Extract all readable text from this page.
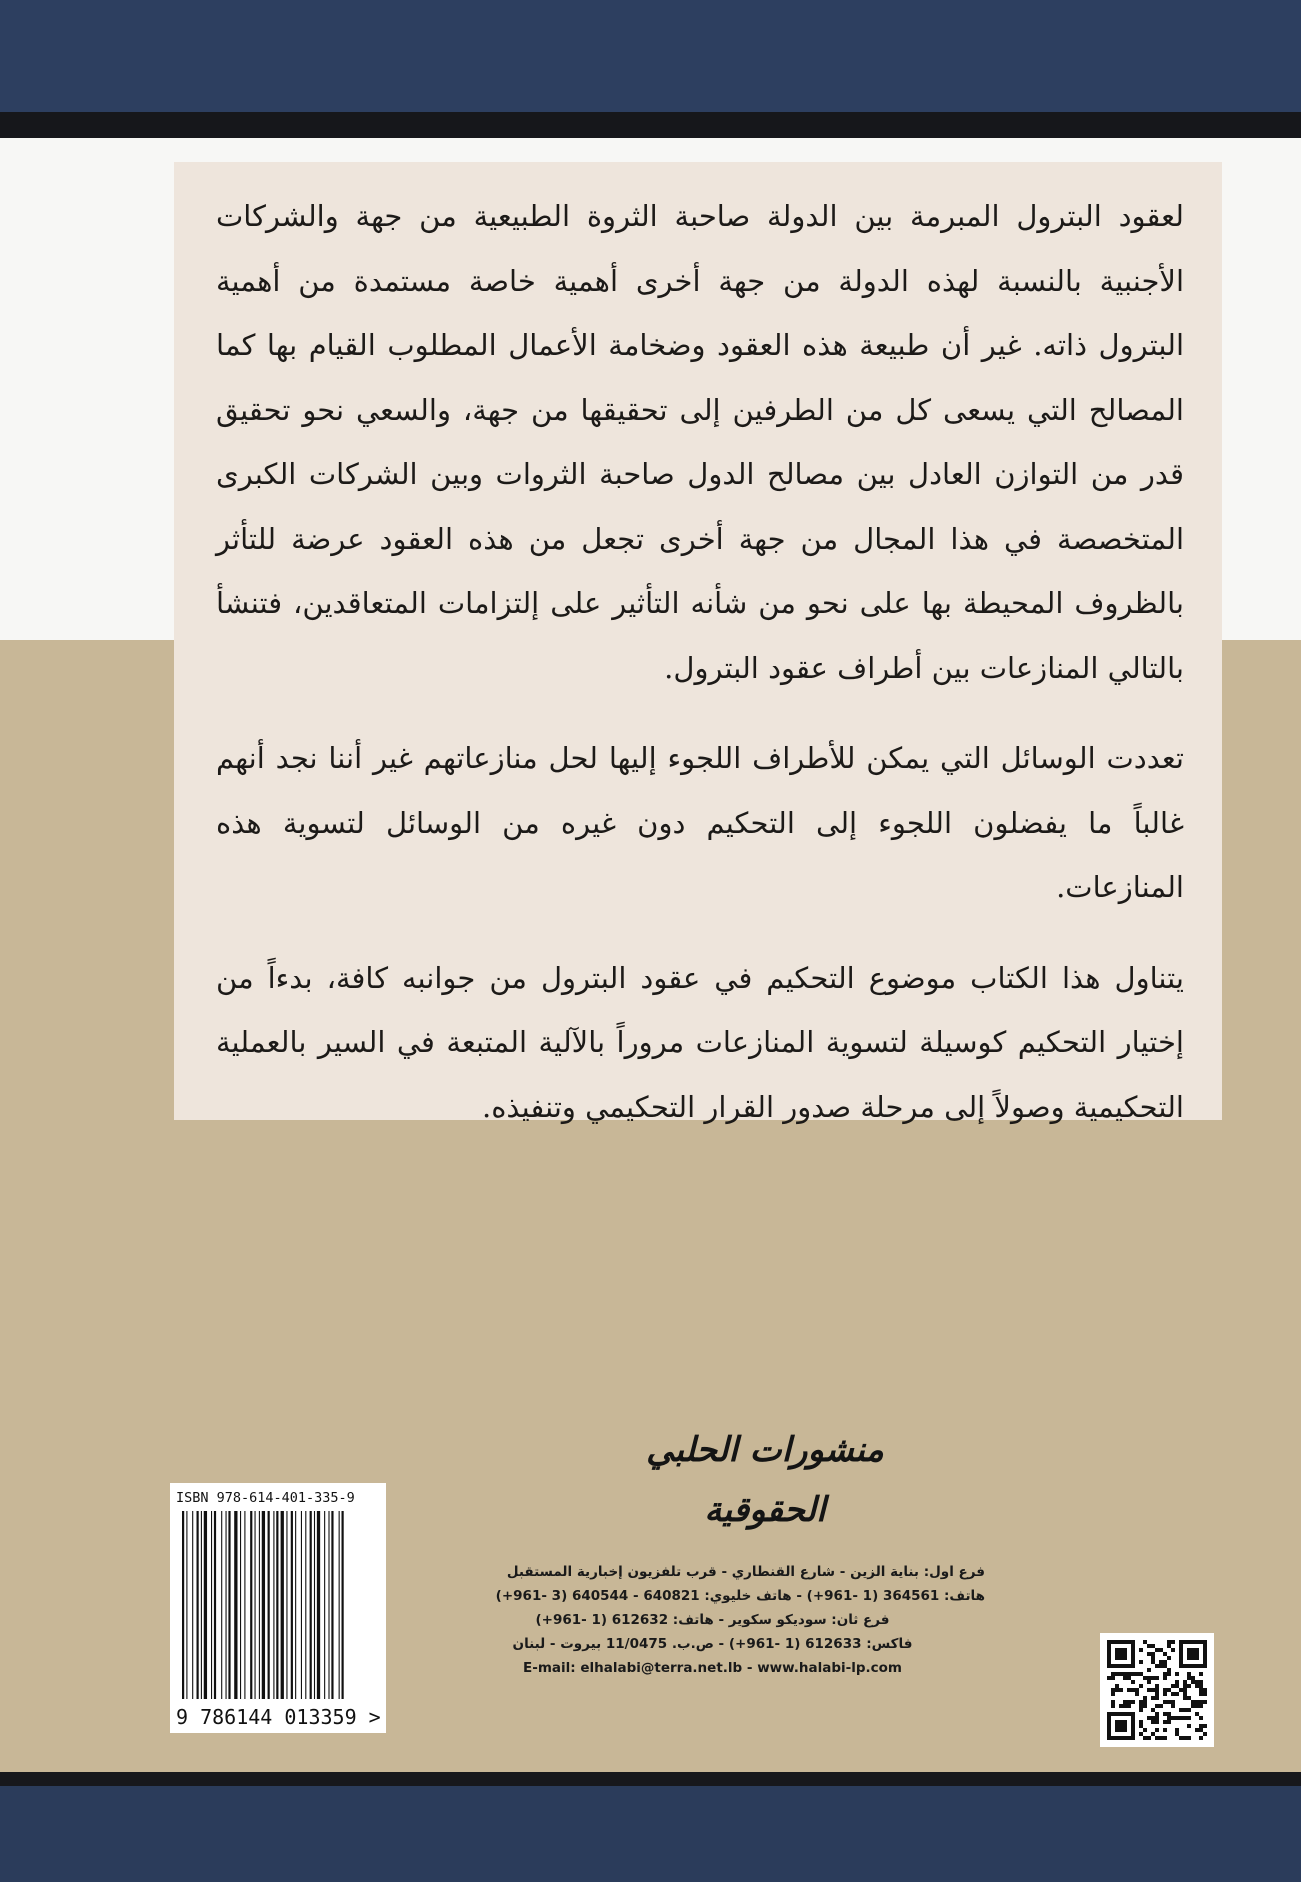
لعقود البترول المبرمة بين الدولة صاحبة الثروة الطبيعية من جهة والشركات الأجنبية بالنسبة لهذه الدولة من جهة أخرى أهمية خاصة مستمدة من أهمية البترول ذاته. غير أن طبيعة هذه العقود وضخامة الأعمال المطلوب القيام بها كما المصالح التي يسعى كل من الطرفين إلى تحقيقها من جهة، والسعي نحو تحقيق قدر من التوازن العادل بين مصالح الدول صاحبة الثروات وبين الشركات الكبرى المتخصصة في هذا المجال من جهة أخرى تجعل من هذه العقود عرضة للتأثر بالظروف المحيطة بها على نحو من شأنه التأثير على إلتزامات المتعاقدين، فتنشأ بالتالي المنازعات بين أطراف عقود البترول.

تعددت الوسائل التي يمكن للأطراف اللجوء إليها لحل منازعاتهم غير أننا نجد أنهم غالباً ما يفضلون اللجوء إلى التحكيم دون غيره من الوسائل لتسوية هذه المنازعات.

يتناول هذا الكتاب موضوع التحكيم في عقود البترول من جوانبه كافة، بدءاً من إختيار التحكيم كوسيلة لتسوية المنازعات مروراً بالآلية المتبعة في السير بالعملية التحكيمية وصولاً إلى مرحلة صدور القرار التحكيمي وتنفيذه.

منشورات الحلبي الحقوقية
ISBN 978-614-401-335-9
9 786144 013359 >
فرع اول: بناية الزين - شارع القنطاري - قرب تلفزيون إخبارية المستقبل
هاتف: 364561 (1 -961+) - هاتف خليوي: 640821 - 640544 (3 -961+)
فرع ثان: سوديكو سكوير - هاتف: 612632 (1 -961+)
فاكس: 612633 (1 -961+) - ص.ب. 11/0475 بيروت - لبنان
E-mail: elhalabi@terra.net.lb - www.halabi-lp.com
